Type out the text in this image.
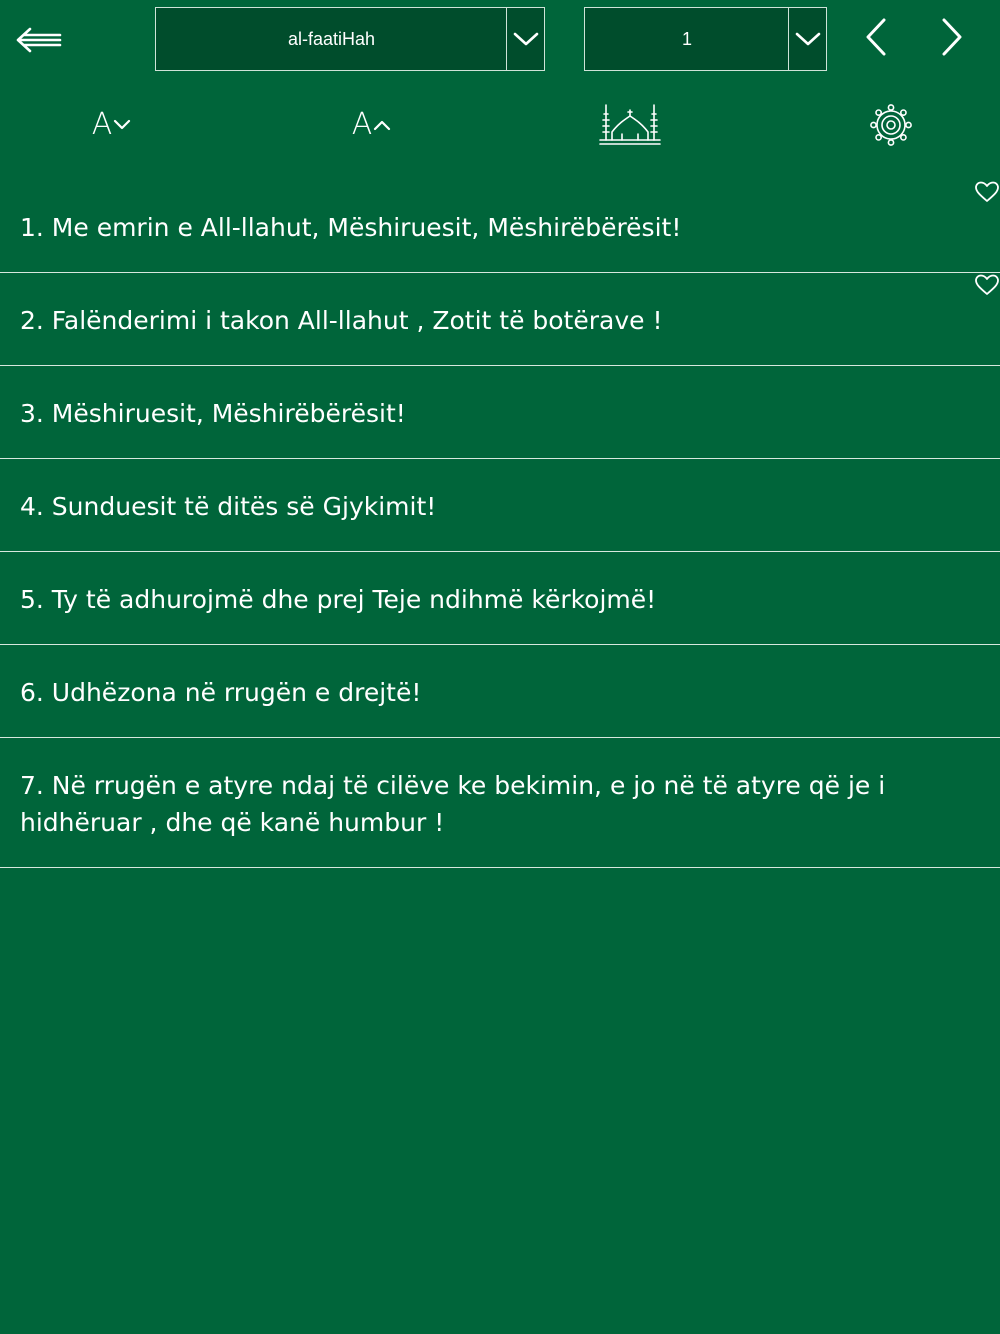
al-faatiHah	1
A	A
1. Me emrin e All-llahut, Mëshiruesit, Mëshirëbërësit!
2. Falënderimi i takon All-llahut , Zotit të botërave !
3. Mëshiruesit, Mëshirëbërësit!
4. Sunduesit të ditës së Gjykimit!
5. Ty të adhurojmë dhe prej Teje ndihmë kërkojmë!
6. Udhëzona në rrugën e drejtë!
7. Në rrugën e atyre ndaj të cilëve ke bekimin, e jo në të atyre që je i hidhëruar , dhe që kanë humbur !
